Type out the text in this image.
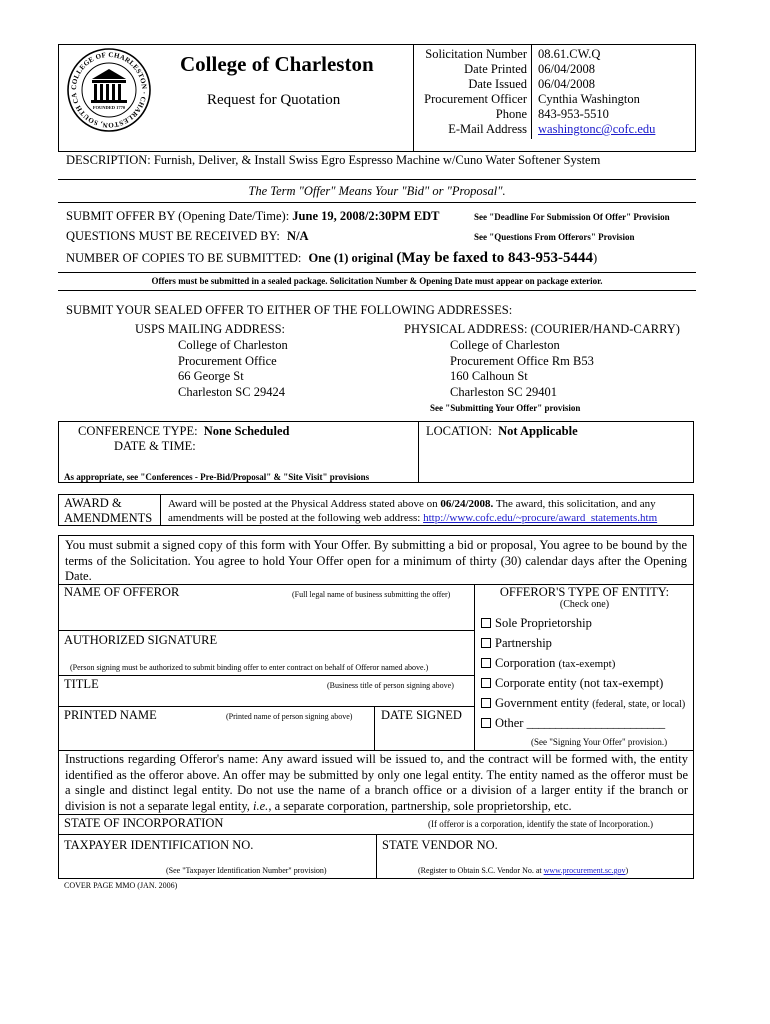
COLLEGE OF CHARLESTON · CHARLESTON, SOUTH CA
FOUNDED 1770
College of Charleston
Request for Quotation
Solicitation Number 08.61.CW.Q
Date Printed 06/04/2008
Date Issued 06/04/2008
Procurement Officer Cynthia Washington
Phone 843-953-5510
E-Mail Address washingtonc@cofc.edu
DESCRIPTION: Furnish, Deliver, & Install Swiss Egro Espresso Machine w/Cuno Water Softener System
The Term "Offer" Means Your "Bid" or "Proposal".
SUBMIT OFFER BY (Opening Date/Time): June 19, 2008/2:30PM EDT	See "Deadline For Submission Of Offer" Provision
QUESTIONS MUST BE RECEIVED BY: N/A	See "Questions From Offerors" Provision
NUMBER OF COPIES TO BE SUBMITTED: One (1) original (May be faxed to 843-953-5444)
Offers must be submitted in a sealed package. Solicitation Number & Opening Date must appear on package exterior.
SUBMIT YOUR SEALED OFFER TO EITHER OF THE FOLLOWING ADDRESSES:
USPS MAILING ADDRESS:
College of Charleston
Procurement Office
66 George St
Charleston SC 29424
PHYSICAL ADDRESS: (COURIER/HAND-CARRY)
College of Charleston
Procurement Office Rm B53
160 Calhoun St
Charleston SC 29401
See "Submitting Your Offer" provision
CONFERENCE TYPE: None Scheduled
DATE & TIME:
LOCATION: Not Applicable
As appropriate, see "Conferences - Pre-Bid/Proposal" & "Site Visit" provisions
AWARD &
AMENDMENTS
Award will be posted at the Physical Address stated above on 06/24/2008. The award, this solicitation, and any
amendments will be posted at the following web address: http://www.cofc.edu/~procure/award_statements.htm
You must submit a signed copy of this form with Your Offer. By submitting a bid or proposal, You agree to be bound by the terms of the Solicitation. You agree to hold Your Offer open for a minimum of thirty (30) calendar days after the Opening Date.
NAME OF OFFEROR	(Full legal name of business submitting the offer)
AUTHORIZED SIGNATURE
(Person signing must be authorized to submit binding offer to enter contract on behalf of Offeror named above.)
TITLE	(Business title of person signing above)
PRINTED NAME	(Printed name of person signing above) DATE SIGNED
OFFEROR'S TYPE OF ENTITY:
(Check one)
Sole Proprietorship
Partnership
Corporation (tax-exempt)
Corporate entity (not tax-exempt)
Government entity (federal, state, or local)
Other ________________________
(See "Signing Your Offer" provision.)
Instructions regarding Offeror's name: Any award issued will be issued to, and the contract will be formed with, the entity identified as the offeror above. An offer may be submitted by only one legal entity. The entity named as the offeror must be a single and distinct legal entity. Do not use the name of a branch office or a division of a larger entity if the branch or division is not a separate legal entity, i.e., a separate corporation, partnership, sole proprietorship, etc.
STATE OF INCORPORATION	(If offeror is a corporation, identify the state of Incorporation.)
TAXPAYER IDENTIFICATION NO.
(See "Taxpayer Identification Number" provision)
STATE VENDOR NO.
(Register to Obtain S.C. Vendor No. at www.procurement.sc.gov)
COVER PAGE MMO (JAN. 2006)
